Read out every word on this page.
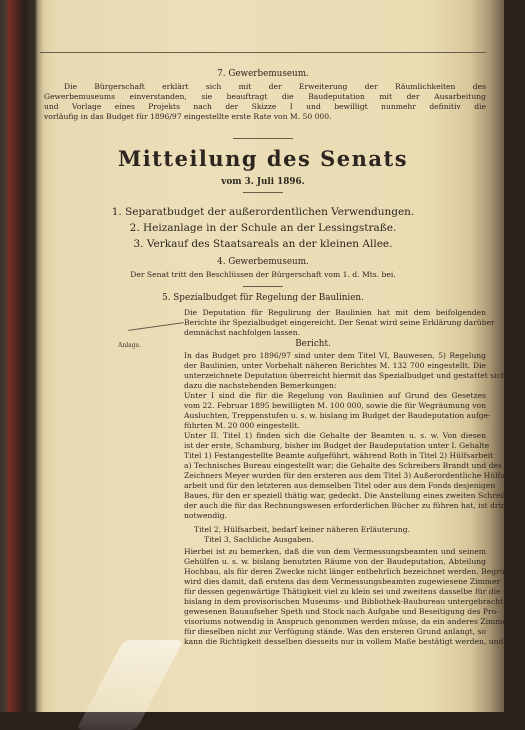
7. Gewerbemuseum.
Die Bürgerschaft erklärt sich mit der Erweiterung der Räumlichkeiten des
Gewerbemuseums einverstanden, sie beauftragt die Baudeputation mit der Ausarbeitung
und Vorlage eines Projekts nach der Skizze I und bewilligt nunmehr definitiv die
vorläufig in das Budget für 1896/97 eingestellte erste Rate von M. 50 000.
Mitteilung des Senats
vom 3. Juli 1896.
1. Separatbudget der außerordentlichen Verwendungen.
2. Heizanlage in der Schule an der Lessingstraße.
3. Verkauf des Staatsareals an der kleinen Allee.
4. Gewerbemuseum.
Der Senat tritt den Beschlüssen der Bürgerschaft vom 1. d. Mts. bei.
5. Spezialbudget für Regelung der Baulinien.
Die Deputation für Regulirung der Baulinien hat mit dem beifolgenden
Berichte ihr Spezialbudget eingereicht. Der Senat wird seine Erklärung darüber
demnächst nachfolgen lassen.
Anlage.	Bericht.
In das Budget pro 1896/97 sind unter dem Titel VI, Bauwesen, 5) Regelung
der Baulinien, unter Vorbehalt näheren Berichtes M. 132 700 eingestellt. Die
unterzeichnete Deputation überreicht hiermit das Spezialbudget und gestattet sich
dazu die nachstehenden Bemerkungen:
Unter I sind die für die Regelung von Baulinien auf Grund des Gesetzes
vom 22. Februar 1895 bewilligten M. 100 000, sowie die für Wegräumung von
Ausluchten, Treppenstufen u. s. w. bislang im Budget der Baudeputation aufge-
führten M. 20 000 eingestellt.
Unter II. Titel 1) finden sich die Gehalte der Beamten u. s. w. Von diesen
ist der erste, Schamburg, bisher im Budget der Baudeputation unter I. Gehalte
Titel 1) Festangestellte Beamte aufgeführt, während Roth in Titel 2) Hülfsarbeit
a) Technisches Bureau eingestellt war; die Gehalte des Schreibers Brandt und des
Zeichners Meyer wurden für den ersteren aus dem Titel 3) Außerordentliche Hülfs-
arbeit und für den letzteren aus demselben Titel oder aus dem Fonds desjenigen
Baues, für den er speziell thätig war, gedeckt. Die Anstellung eines zweiten Schreibers,
der auch die für das Rechnungswesen erforderlichen Bücher zu führen hat, ist dringend
notwendig.
Titel 2, Hülfsarbeit, bedarf keiner näheren Erläuterung.
Titel 3, Sachliche Ausgaben.
Hierbei ist zu bemerken, daß die von dem Vermessungsbeamten und seinem
Gehülfen u. s. w. bislang benutzten Räume von der Baudeputation, Abteilung
Hochbau, als für deren Zwecke nicht länger entbehrlich bezeichnet werden. Begründet
wird dies damit, daß erstens das dem Vermessungsbeamten zugewiesene Zimmer
für dessen gegenwärtige Thätigkeit viel zu klein sei und zweitens dasselbe für die
bislang in dem provisorischen Museums- und Bibliothek-Baubureau untergebracht
gewesenen Bauaufseher Speth und Stock nach Aufgabe und Beseitigung des Pro-
visoriums notwendig in Anspruch genommen werden müsse, da ein anderes Zimmer
für dieselben nicht zur Verfügung stände. Was den ersteren Grund anlangt, so
kann die Richtigkeit desselben diesseits nur in vollem Maße bestätigt werden, und
